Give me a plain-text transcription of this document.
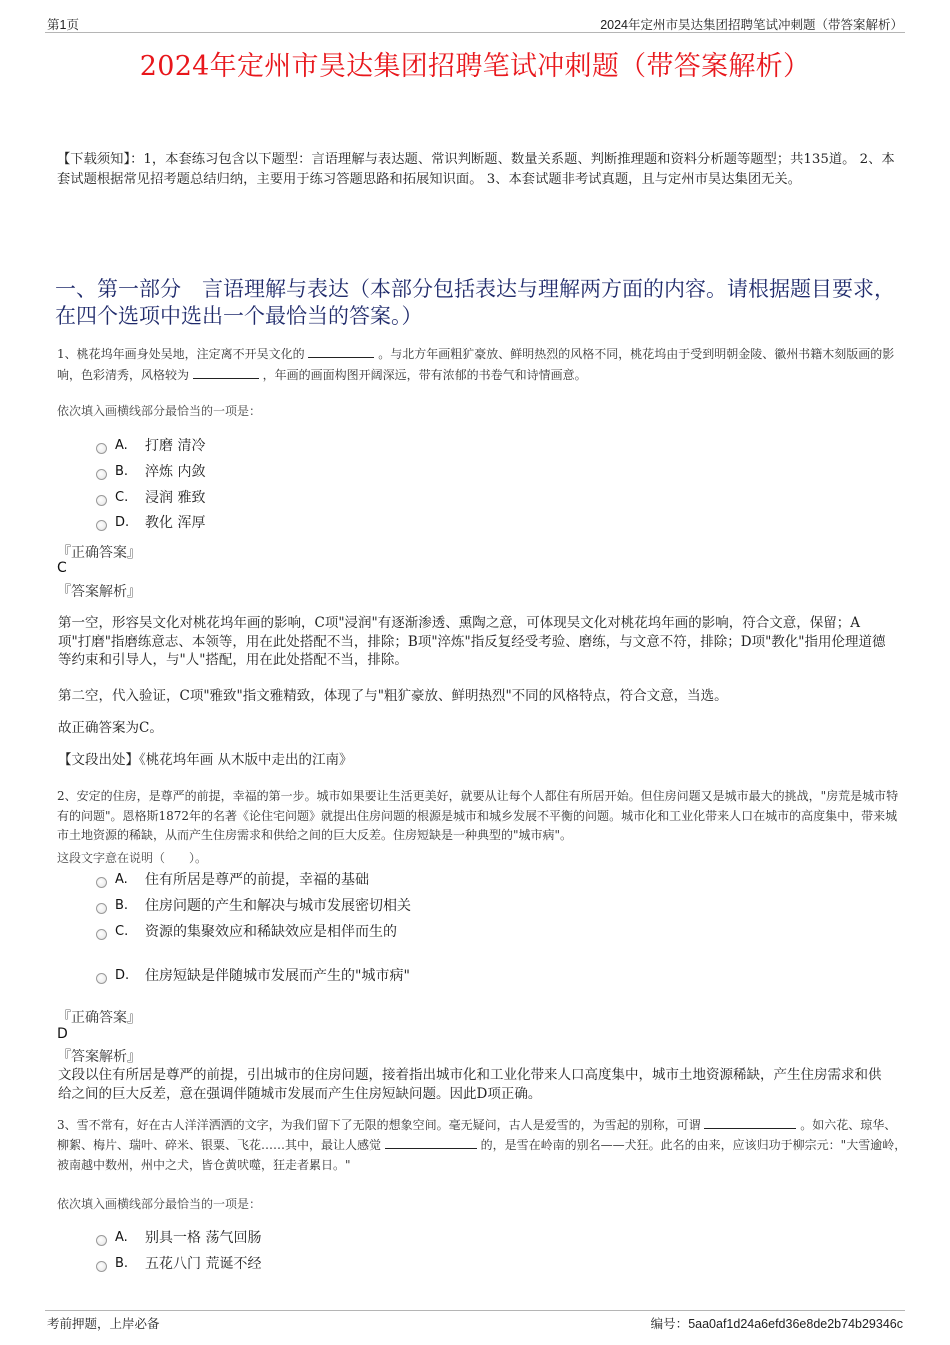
第1页	2024年定州市昊达集团招聘笔试冲刺题（带答案解析）
2024年定州市昊达集团招聘笔试冲刺题（带答案解析）
【下载须知】：1，本套练习包含以下题型：言语理解与表达题、常识判断题、数量关系题、判断推理题和资料分析题等题型；共135道。 2、本套试题根据常见招考题总结归纳，主要用于练习答题思路和拓展知识面。 3、本套试题非考试真题，且与定州市昊达集团无关。
一、第一部分　言语理解与表达（本部分包括表达与理解两方面的内容。请根据题目要求，在四个选项中选出一个最恰当的答案。）
1、桃花坞年画身处吴地，注定离不开吴文化的	。与北方年画粗犷豪放、鲜明热烈的风格不同，桃花坞由于受到明朝金陵、徽州书籍木刻版画的影响，色彩清秀，风格较为	，年画的画面构图开阔深远，带有浓郁的书卷气和诗情画意。
依次填入画横线部分最恰当的一项是：
A.	打磨 清冷
B.	淬炼 内敛
C.	浸润 雅致
D.	教化 浑厚
『正确答案』
C
『答案解析』
第一空，形容吴文化对桃花坞年画的影响，C项"浸润"有逐渐渗透、熏陶之意，可体现吴文化对桃花坞年画的影响，符合文意，保留；A项"打磨"指磨练意志、本领等，用在此处搭配不当，排除；B项"淬炼"指反复经受考验、磨练，与文意不符，排除；D项"教化"指用伦理道德等约束和引导人，与"人"搭配，用在此处搭配不当，排除。
第二空，代入验证，C项"雅致"指文雅精致，体现了与"粗犷豪放、鲜明热烈"不同的风格特点，符合文意，当选。
故正确答案为C。
【文段出处】《桃花坞年画 从木版中走出的江南》
2、安定的住房，是尊严的前提，幸福的第一步。城市如果要让生活更美好，就要从让每个人都住有所居开始。但住房问题又是城市最大的挑战，"房荒是城市特有的问题"。恩格斯1872年的名著《论住宅问题》就提出住房问题的根源是城市和城乡发展不平衡的问题。城市化和工业化带来人口在城市的高度集中，带来城市土地资源的稀缺，从而产生住房需求和供给之间的巨大反差。住房短缺是一种典型的"城市病"。
这段文字意在说明（　　）。
A.	住有所居是尊严的前提，幸福的基础
B.	住房问题的产生和解决与城市发展密切相关
C.	资源的集聚效应和稀缺效应是相伴而生的
D.	住房短缺是伴随城市发展而产生的"城市病"
『正确答案』
D
『答案解析』
文段以住有所居是尊严的前提，引出城市的住房问题，接着指出城市化和工业化带来人口高度集中，城市土地资源稀缺，产生住房需求和供给之间的巨大反差，意在强调伴随城市发展而产生住房短缺问题。因此D项正确。
3、雪不常有，好在古人洋洋洒洒的文字，为我们留下了无限的想象空间。毫无疑问，古人是爱雪的，为雪起的别称，可谓	。如六花、琼华、柳絮、梅片、瑞叶、碎米、银粟、飞花……其中，最让人感觉	的，是雪在岭南的别名——犬狂。此名的由来，应该归功于柳宗元："大雪逾岭，被南越中数州，州中之犬，皆仓黄吠噬，狂走者累日。"
依次填入画横线部分最恰当的一项是：
A.	别具一格 荡气回肠
B.	五花八门 荒诞不经
考前押题，上岸必备	编号：5aa0af1d24a6efd36e8de2b74b29346c
